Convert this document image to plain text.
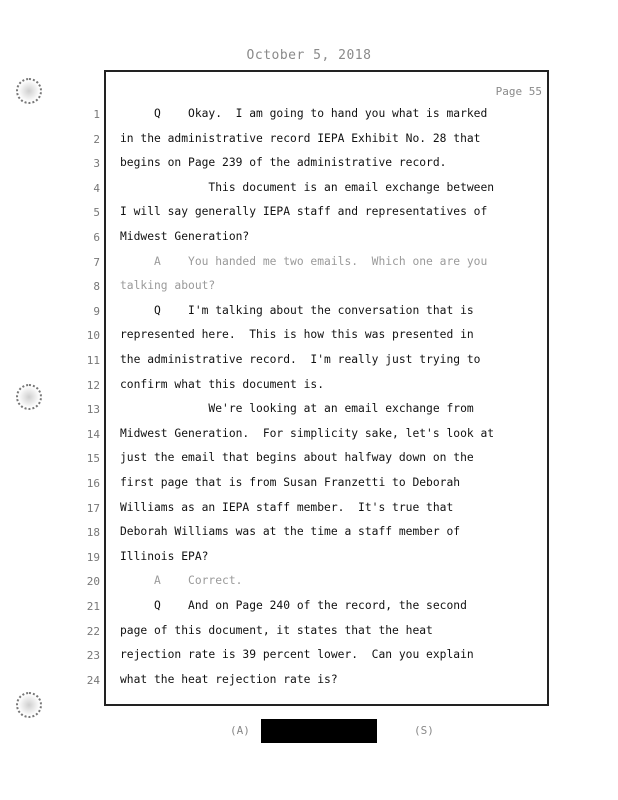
October 5, 2018
Page 55
1 Q    Okay.  I am going to hand you what is marked
2 in the administrative record IEPA Exhibit No. 28 that
3 begins on Page 239 of the administrative record.
4 This document is an email exchange between
5 I will say generally IEPA staff and representatives of
6 Midwest Generation?
7 A    You handed me two emails.  Which one are you
8 talking about?
9 Q    I'm talking about the conversation that is
10 represented here.  This is how this was presented in
11 the administrative record.  I'm really just trying to
12 confirm what this document is.
13 We're looking at an email exchange from
14 Midwest Generation.  For simplicity sake, let's look at
15 just the email that begins about halfway down on the
16 first page that is from Susan Franzetti to Deborah
17 Williams as an IEPA staff member.  It's true that
18 Deborah Williams was at the time a staff member of
19 Illinois EPA?
20 A    Correct.
21 Q    And on Page 240 of the record, the second
22 page of this document, it states that the heat
23 rejection rate is 39 percent lower.  Can you explain
24 what the heat rejection rate is?
(A)	(S)
